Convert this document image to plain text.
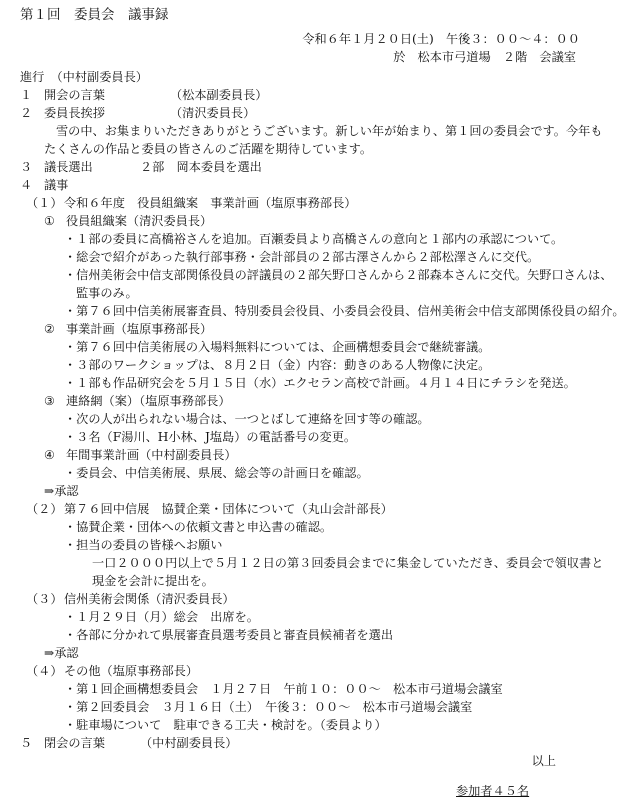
第１回　委員会　議事録
令和６年１月２０日(土)　午後３：００〜４：００
於　松本市弓道場　２階　会議室
進行　（中村副委員長）
１ 開会の言葉	（松本副委員長）
２ 委員長挨拶	（清沢委員長）
雪の中、お集まりいただきありがとうございます。新しい年が始まり、第１回の委員会です。今年も
たくさんの作品と委員の皆さんのご活躍を期待しています。
３ 議長選出	２部　岡本委員を選出
４ 議事
（１） 令和６年度　役員組織案　事業計画（塩原事務部長）
① 役員組織案（清沢委員長）
・１部の委員に高橋裕さんを追加。百瀬委員より高橋さんの意向と１部内の承認について。
・総会で紹介があった執行部事務・会計部員の２部古澤さんから２部松澤さんに交代。
・信州美術会中信支部関係役員の評議員の２部矢野口さんから２部森本さんに交代。矢野口さんは、
監事のみ。
・第７６回中信美術展審査員、特別委員会役員、小委員会役員、信州美術会中信支部関係役員の紹介。
② 事業計画（塩原事務部長）
・第７６回中信美術展の入場料無料については、企画構想委員会で継続審議。
・３部のワークショップは、８月２日（金）内容：動きのある人物像に決定。
・１部も作品研究会を５月１５日（水）エクセラン高校で計画。４月１４日にチラシを発送。
③ 連絡網（案）（塩原事務部長）
・次の人が出られない場合は、一つとばして連絡を回す等の確認。
・３名（F湯川、H小林、J塩島）の電話番号の変更。
④ 年間事業計画（中村副委員長）
・委員会、中信美術展、県展、総会等の計画日を確認。
⇒承認
（２） 第７６回中信展　協賛企業・団体について（丸山会計部長）
・協賛企業・団体への依頼文書と申込書の確認。
・担当の委員の皆様へお願い
一口２０００円以上で５月１２日の第３回委員会までに集金していただき、委員会で領収書と
現金を会計に提出を。
（３） 信州美術会関係（清沢委員長）
・１月２９日（月）総会　出席を。
・各部に分かれて県展審査員選考委員と審査員候補者を選出
⇒承認
（４） その他（塩原事務部長）
・第１回企画構想委員会　１月２７日　午前１０：００〜　松本市弓道場会議室
・第２回委員会　３月１６日（土）　午後３：００〜　松本市弓道場会議室
・駐車場について　駐車できる工夫・検討を。（委員より）
５ 閉会の言葉	（中村副委員長）
以上
参加者４５名
